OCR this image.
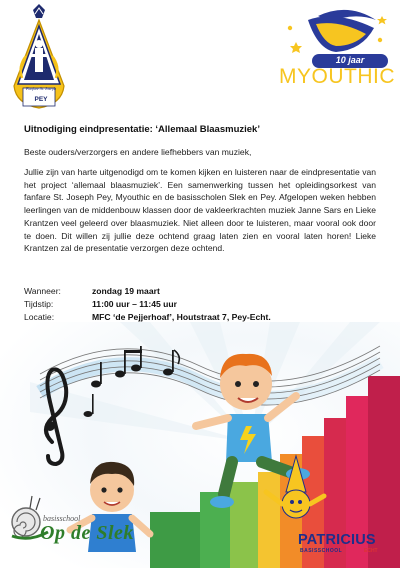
Fanfare St. Joseph
PEY
10 jaar
MYOUTHIC
Uitnodiging eindpresentatie: ‘Allemaal Blaasmuziek’
Beste ouders/verzorgers en andere liefhebbers van muziek,
Jullie zijn van harte uitgenodigd om te komen kijken en luisteren naar de eindpresentatie van het project ‘allemaal blaasmuziek’. Een samenwerking tussen het opleidingsorkest van fanfare St. Joseph Pey, Myouthic en de basisscholen Slek en Pey. Afgelopen weken hebben leerlingen van de middenbouw klassen door de vakleerkrachten muziek Janne Sars en Lieke Krantzen veel geleerd over blaasmuziek. Niet alleen door te luisteren, maar vooral ook door te doen. Dit willen zij jullie deze ochtend graag laten zien en vooral laten horen! Lieke Krantzen zal de presentatie verzorgen deze ochtend.
Wanneer:	zondag 19 maart
Tijdstip:	11:00 uur – 11:45 uur
Locatie:	MFC ‘de Pejjerhoaf’, Houtstraat 7, Pey-Echt.
basisschool
Op de Slek	PATRICIUS
BASISSCHOOL	ECHT
